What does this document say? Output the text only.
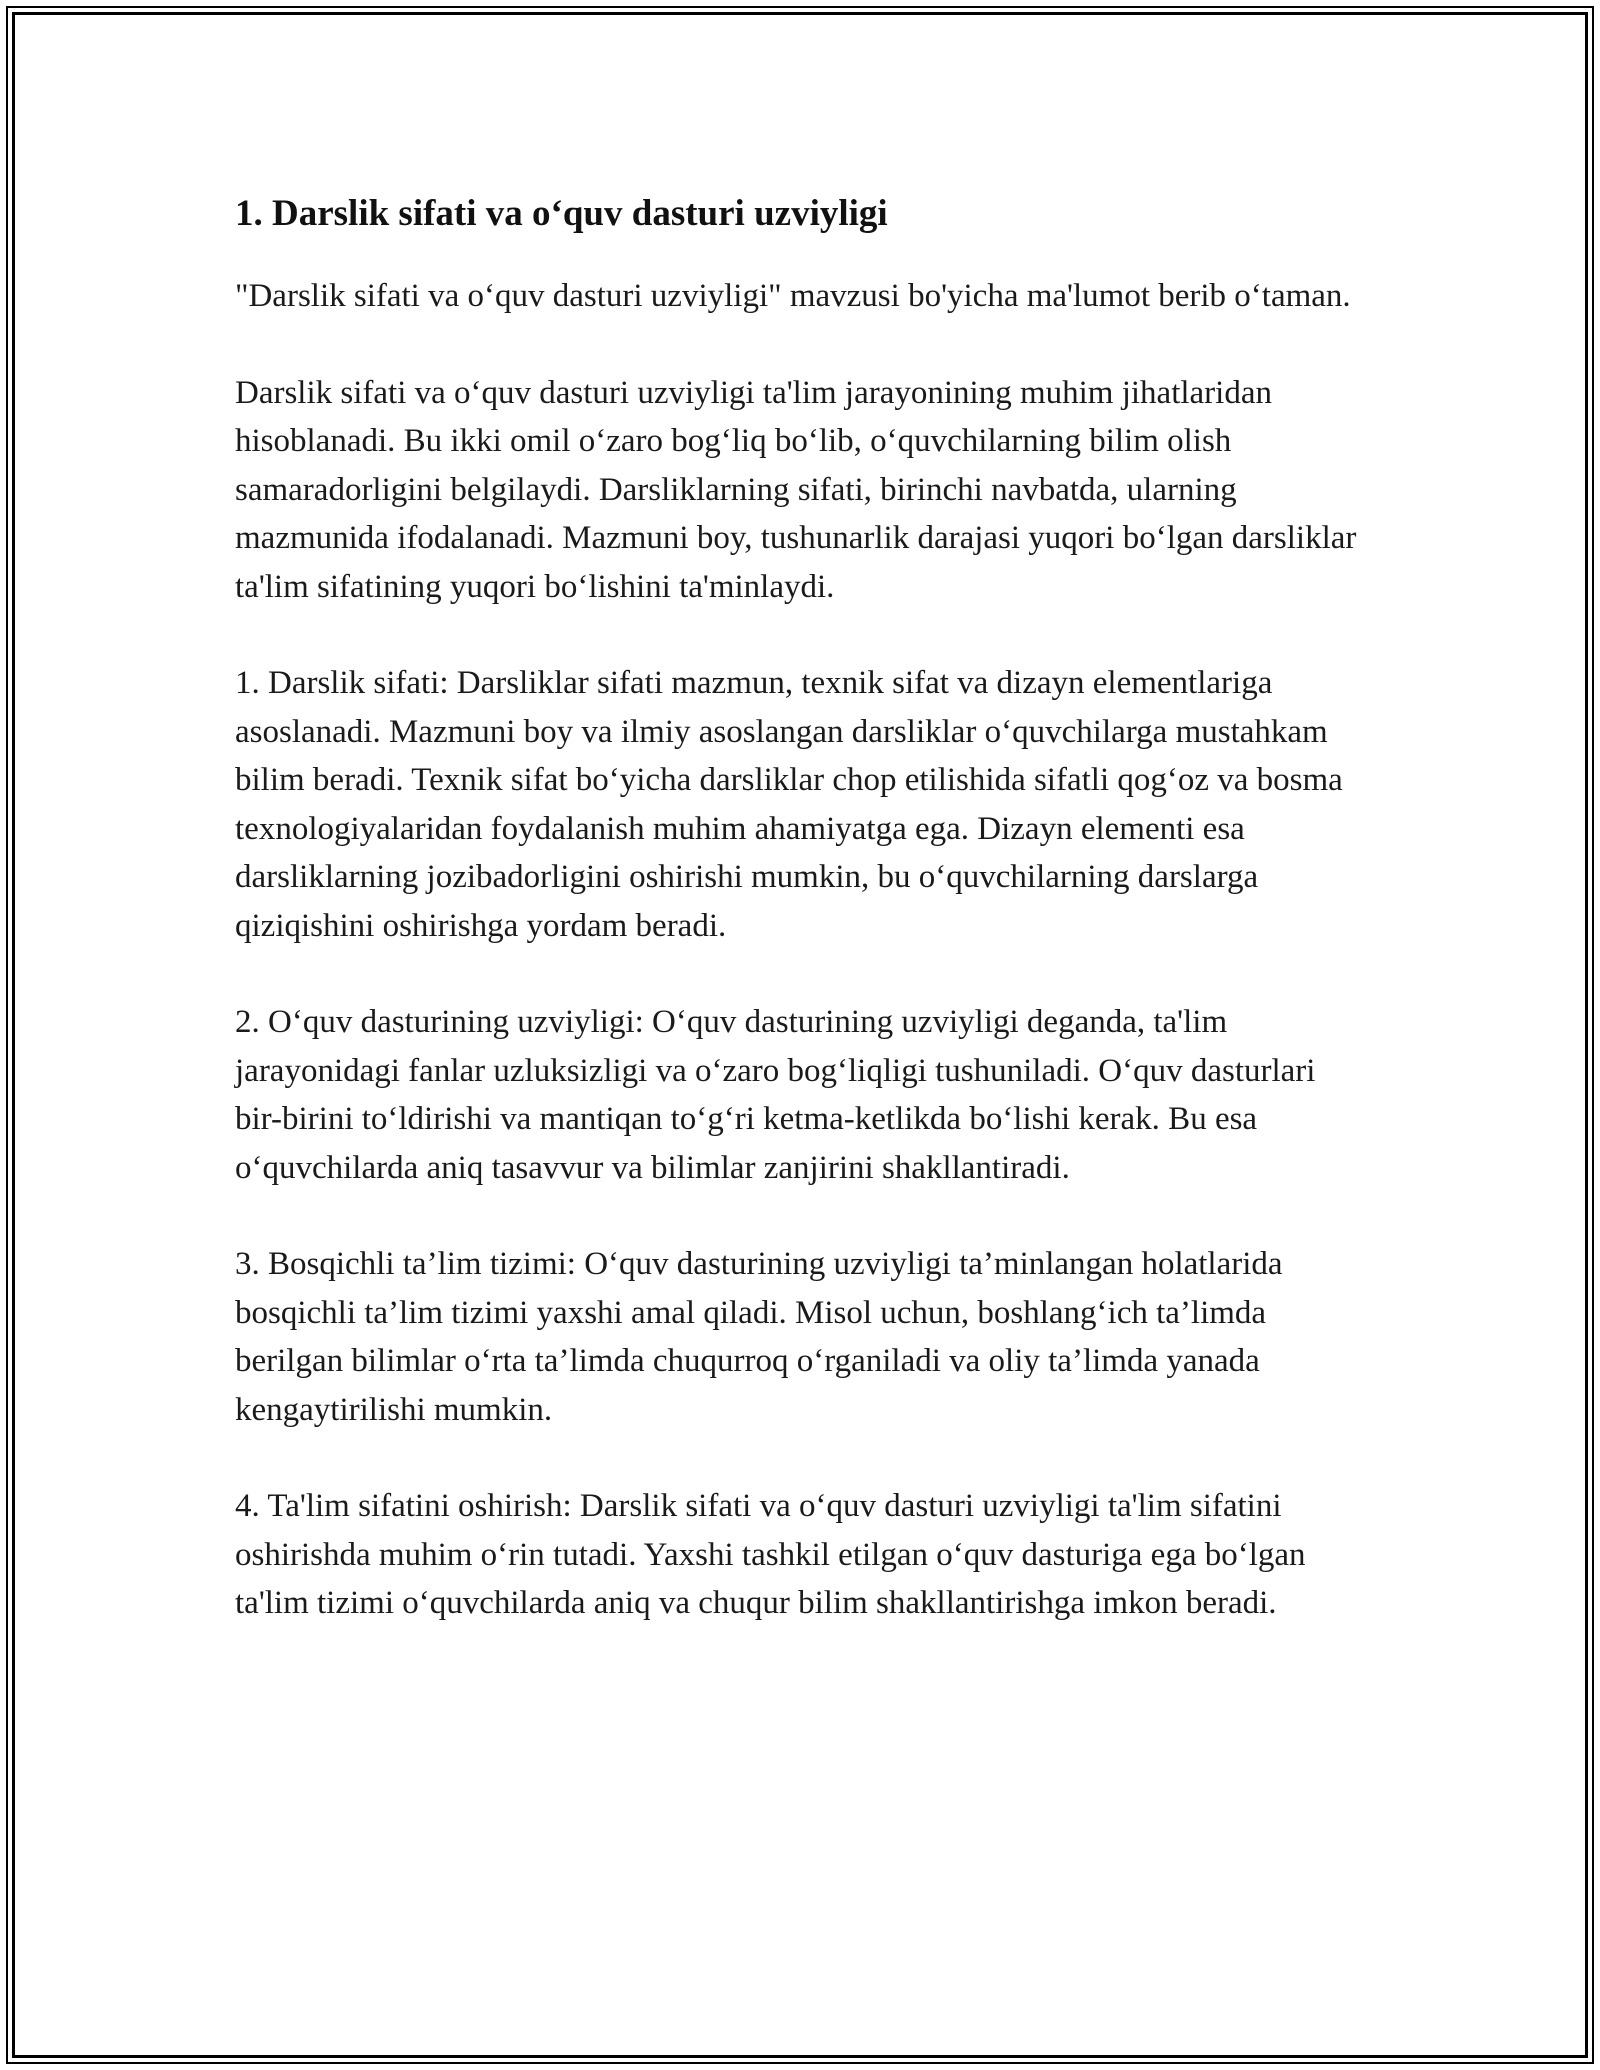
1. Darslik sifati va o‘quv dasturi uzviyligi

"Darslik sifati va o‘quv dasturi uzviyligi" mavzusi bo'yicha ma'lumot berib o‘taman.

Darslik sifati va o‘quv dasturi uzviyligi ta'lim jarayonining muhim jihatlaridan hisoblanadi. Bu ikki omil o‘zaro bog‘liq bo‘lib, o‘quvchilarning bilim olish samaradorligini belgilaydi. Darsliklarning sifati, birinchi navbatda, ularning mazmunida ifodalanadi. Mazmuni boy, tushunarlik darajasi yuqori bo‘lgan darsliklar ta'lim sifatining yuqori bo‘lishini ta'minlaydi.

1. Darslik sifati: Darsliklar sifati mazmun, texnik sifat va dizayn elementlariga asoslanadi. Mazmuni boy va ilmiy asoslangan darsliklar o‘quvchilarga mustahkam bilim beradi. Texnik sifat bo‘yicha darsliklar chop etilishida sifatli qog‘oz va bosma texnologiyalaridan foydalanish muhim ahamiyatga ega. Dizayn elementi esa darsliklarning jozibadorligini oshirishi mumkin, bu o‘quvchilarning darslarga qiziqishini oshirishga yordam beradi.

2. O‘quv dasturining uzviyligi: O‘quv dasturining uzviyligi deganda, ta'lim jarayonidagi fanlar uzluksizligi va o‘zaro bog‘liqligi tushuniladi. O‘quv dasturlari bir-birini to‘ldirishi va mantiqan to‘g‘ri ketma-ketlikda bo‘lishi kerak. Bu esa o‘quvchilarda aniq tasavvur va bilimlar zanjirini shakllantiradi.

3. Bosqichli ta’lim tizimi: O‘quv dasturining uzviyligi ta’minlangan holatlarida bosqichli ta’lim tizimi yaxshi amal qiladi. Misol uchun, boshlang‘ich ta’limda berilgan bilimlar o‘rta ta’limda chuqurroq o‘rganiladi va oliy ta’limda yanada kengaytirilishi mumkin.

4. Ta'lim sifatini oshirish: Darslik sifati va o‘quv dasturi uzviyligi ta'lim sifatini oshirishda muhim o‘rin tutadi. Yaxshi tashkil etilgan o‘quv dasturiga ega bo‘lgan ta'lim tizimi o‘quvchilarda aniq va chuqur bilim shakllantirishga imkon beradi.
